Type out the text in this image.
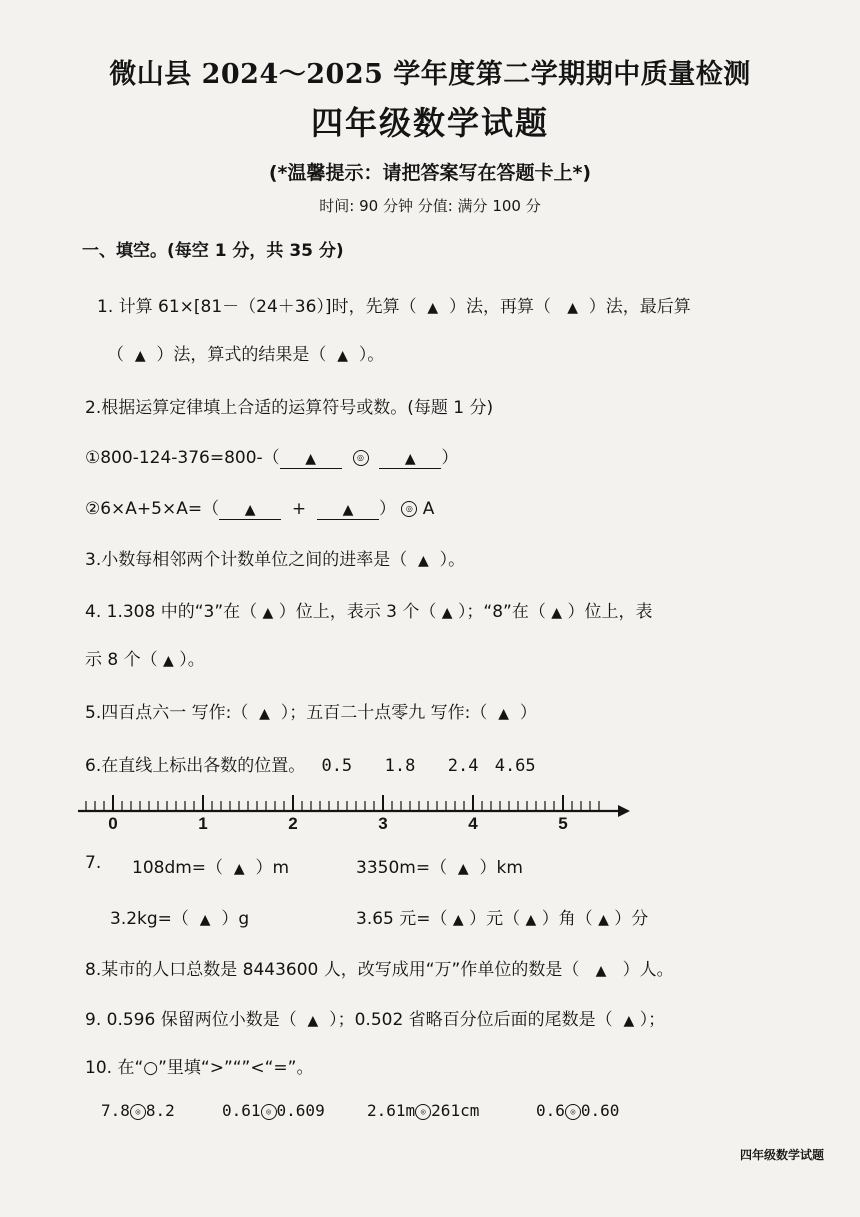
微山县 2024～2025 学年度第二学期期中质量检测
四年级数学试题
(*温馨提示：请把答案写在答题卡上*)
时间: 90 分钟 分值: 满分 100 分
一、填空。(每空 1 分，共 35 分)
1. 计算 61×[81－（24＋36）]时，先算（ ▲ ）法，再算（ ▲ ）法，最后算
（ ▲ ）法，算式的结果是（ ▲ ）。
2.根据运算定律填上合适的运算符号或数。(每题 1 分)
①800-124-376=800-（ ▲	◎	▲ ）
②6×A+5×A=（ ▲ +	▲ ） ◎ A
3.小数每相邻两个计数单位之间的进率是（ ▲ ）。
4. 1.308 中的“3”在（ ▲ ）位上，表示 3 个（ ▲ ）；“8”在（ ▲ ）位上，表
示 8 个（ ▲ ）。
5.四百点六一 写作:（ ▲ ）；五百二十点零九 写作:（ ▲ ）
6.在直线上标出各数的位置。 0.5 1.8 2.4 4.65
0	1	2	3	4	5
7. 108dm=（ ▲ ）m	3350m=（ ▲ ）km
3.2kg=（ ▲ ）g	3.65 元=（ ▲ ）元（ ▲ ）角（ ▲ ）分
8.某市的人口总数是 8443600 人，改写成用“万”作单位的数是（ ▲ ）人。
9. 0.596 保留两位小数是（ ▲ ）；0.502 省略百分位后面的尾数是（ ▲ ）；
10. 在“○”里填“>”“”<“=”。
7.8 ◎ 8.2	0.61 ◎ 0.609	2.61m ◎ 261cm	0.6 ◎ 0.60
四年级数学试题
